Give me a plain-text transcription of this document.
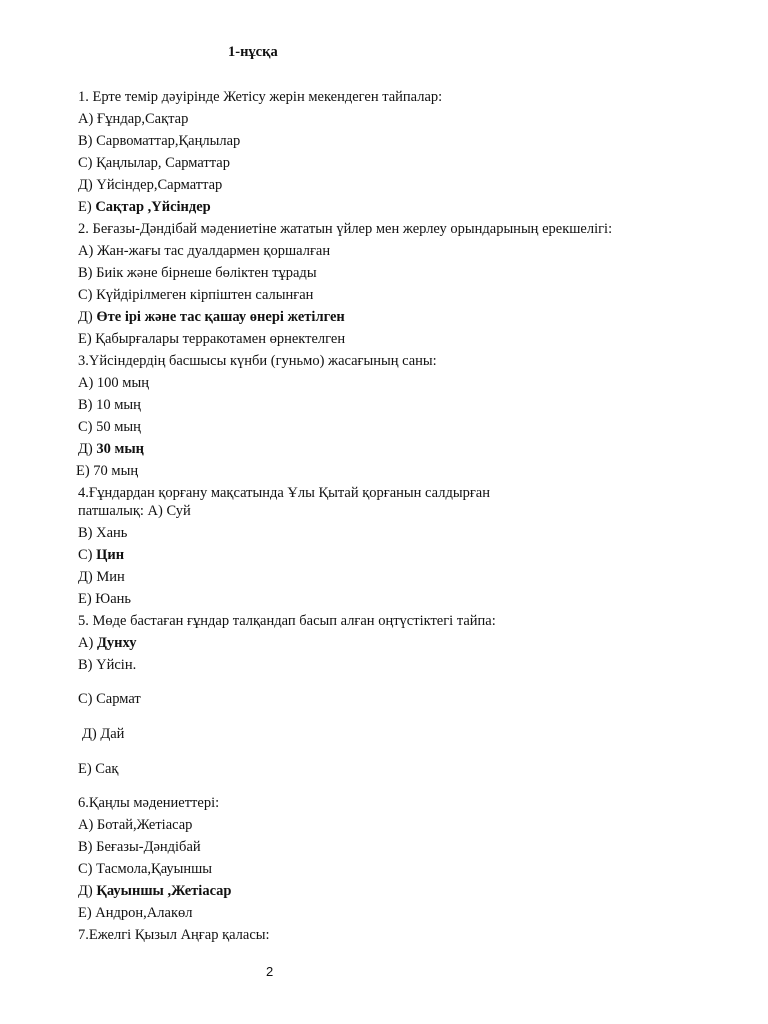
1-нұсқа
1. Ерте темір дәуірінде Жетісу жерін мекендеген тайпалар:
А) Ғұндар,Сақтар
В) Сарвоматтар,Қаңлылар
С) Қаңлылар, Сарматтар
Д) Үйсіндер,Сарматтар
Е) Сақтар ,Үйсіндер
2. Беғазы-Дәндібай мәдениетіне жататын үйлер мен жерлеу орындарының ерекшелігі:
А) Жан-жағы тас дуалдармен қоршалған
В) Биік және бірнеше бөліктен тұрады
С) Күйдірілмеген кірпіштен салынған
Д) Өте ірі және тас қашау өнері жетілген
Е) Қабырғалары терракотамен өрнектелген
3.Үйсіндердің басшысы күнби (гуньмо) жасағының саны:
А) 100 мың
В) 10 мың
С) 50 мың
Д) 30 мың
Е) 70 мың
4.Ғұндардан қорғану мақсатында Ұлы Қытай қорғанын салдырған
патшалық: А) Суй
В) Хань
С) Цин
Д) Мин
Е) Юань
5. Мөде бастаған ғұндар талқандап басып алған оңтүстіктегі тайпа:
А) Дунху
В) Үйсін.
С) Сармат
Д) Дай
Е) Сақ
6.Қаңлы мәдениеттері:
А) Ботай,Жетіасар
В) Беғазы-Дәндібай
С) Тасмола,Қауыншы
Д) Қауыншы ,Жетіасар
Е) Андрон,Алакөл
7.Ежелгі Қызыл Аңғар қаласы:
2
